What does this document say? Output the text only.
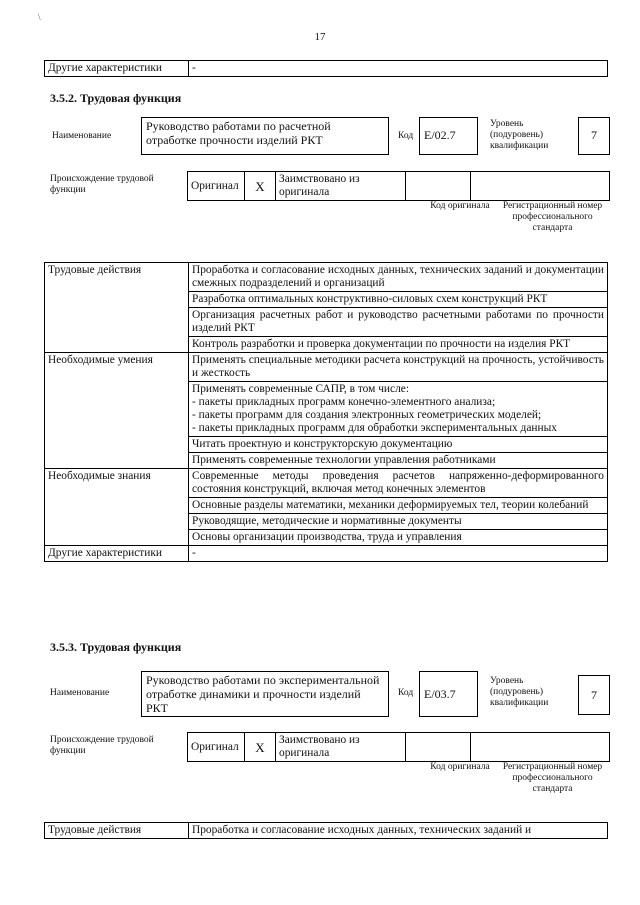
\
17
Другие характеристики	-
3.5.2. Трудовая функция
Наименование
Руководство работами по расчетной отработке прочности изделий РКТ	Код Е/02.7
Уровень (подуровень) квалификации
7
Происхождение трудовой функции	Оригинал	X	Заимствовано из оригинала		
Код оригинала	Регистрационный номер профессионального стандарта
Трудовые действия	Проработка и согласование исходных данных, технических заданий и документации смежных подразделений и организаций
	Разработка оптимальных конструктивно-силовых схем конструкций РКТ
	Организация расчетных работ и руководство расчетными работами по прочности изделий РКТ
	Контроль разработки и проверка документации по прочности на изделия РКТ
Необходимые умения	Применять специальные методики расчета конструкций на прочность, устойчивость и жесткость
	Применять современные САПР, в том числе:
- пакеты прикладных программ конечно-элементного анализа;
- пакеты программ для создания электронных геометрических моделей;
- пакеты прикладных программ для обработки экспериментальных данных
	Читать проектную и конструкторскую документацию
	Применять современные технологии управления работниками
Необходимые знания	Современные методы проведения расчетов напряженно-деформированного состояния конструкций, включая метод конечных элементов
	Основные разделы математики, механики деформируемых тел, теории колебаний
	Руководящие, методические и нормативные документы
	Основы организации производства, труда и управления
Другие характеристики	-
3.5.3. Трудовая функция
Наименование
Руководство работами по экспериментальной отработке динамики и прочности изделий РКТ
Код Е/03.7
Уровень (подуровень) квалификации
7
Происхождение трудовой функции	Оригинал	X	Заимствовано из оригинала		
Код оригинала	Регистрационный номер профессионального стандарта
Трудовые действия	Проработка и согласование исходных данных, технических заданий и
